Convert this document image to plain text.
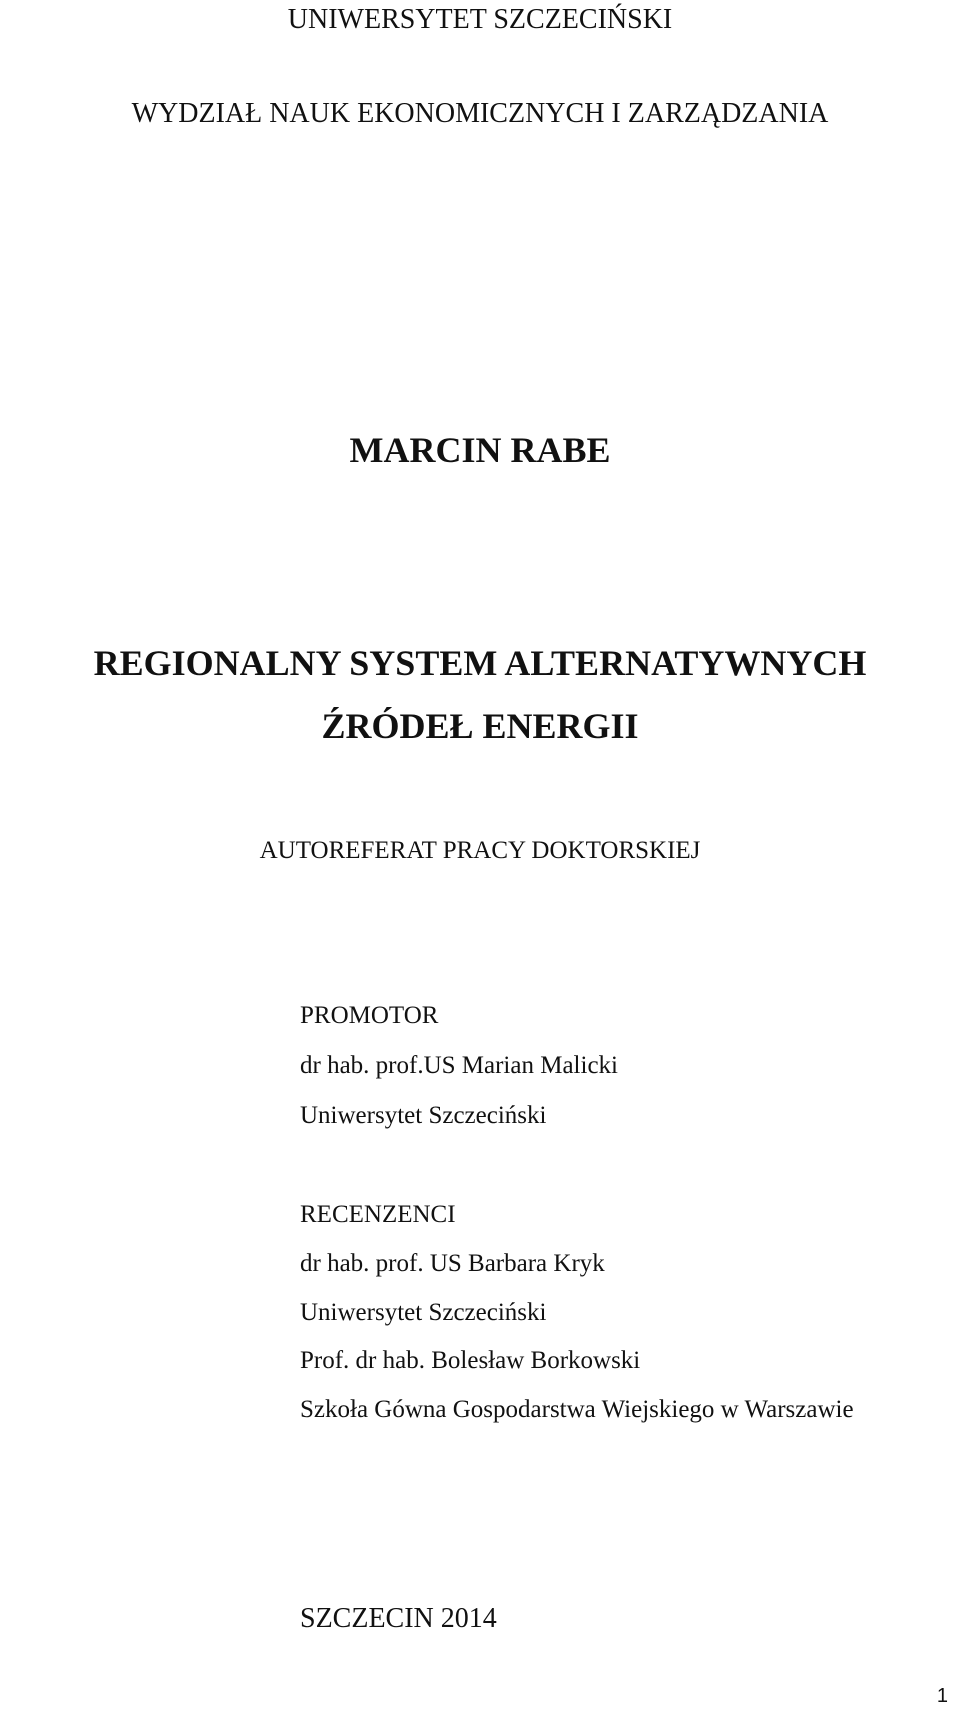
UNIWERSYTET SZCZECIŃSKI

WYDZIAŁ NAUK EKONOMICZNYCH I ZARZĄDZANIA

MARCIN RABE

REGIONALNY SYSTEM ALTERNATYWNYCH

ŹRÓDEŁ ENERGII

AUTOREFERAT PRACY DOKTORSKIEJ

PROMOTOR

dr hab. prof.US Marian Malicki

Uniwersytet Szczeciński

RECENZENCI

dr hab. prof. US Barbara Kryk

Uniwersytet Szczeciński

Prof. dr hab. Bolesław Borkowski

Szkoła Gówna Gospodarstwa Wiejskiego w Warszawie

SZCZECIN 2014

1
